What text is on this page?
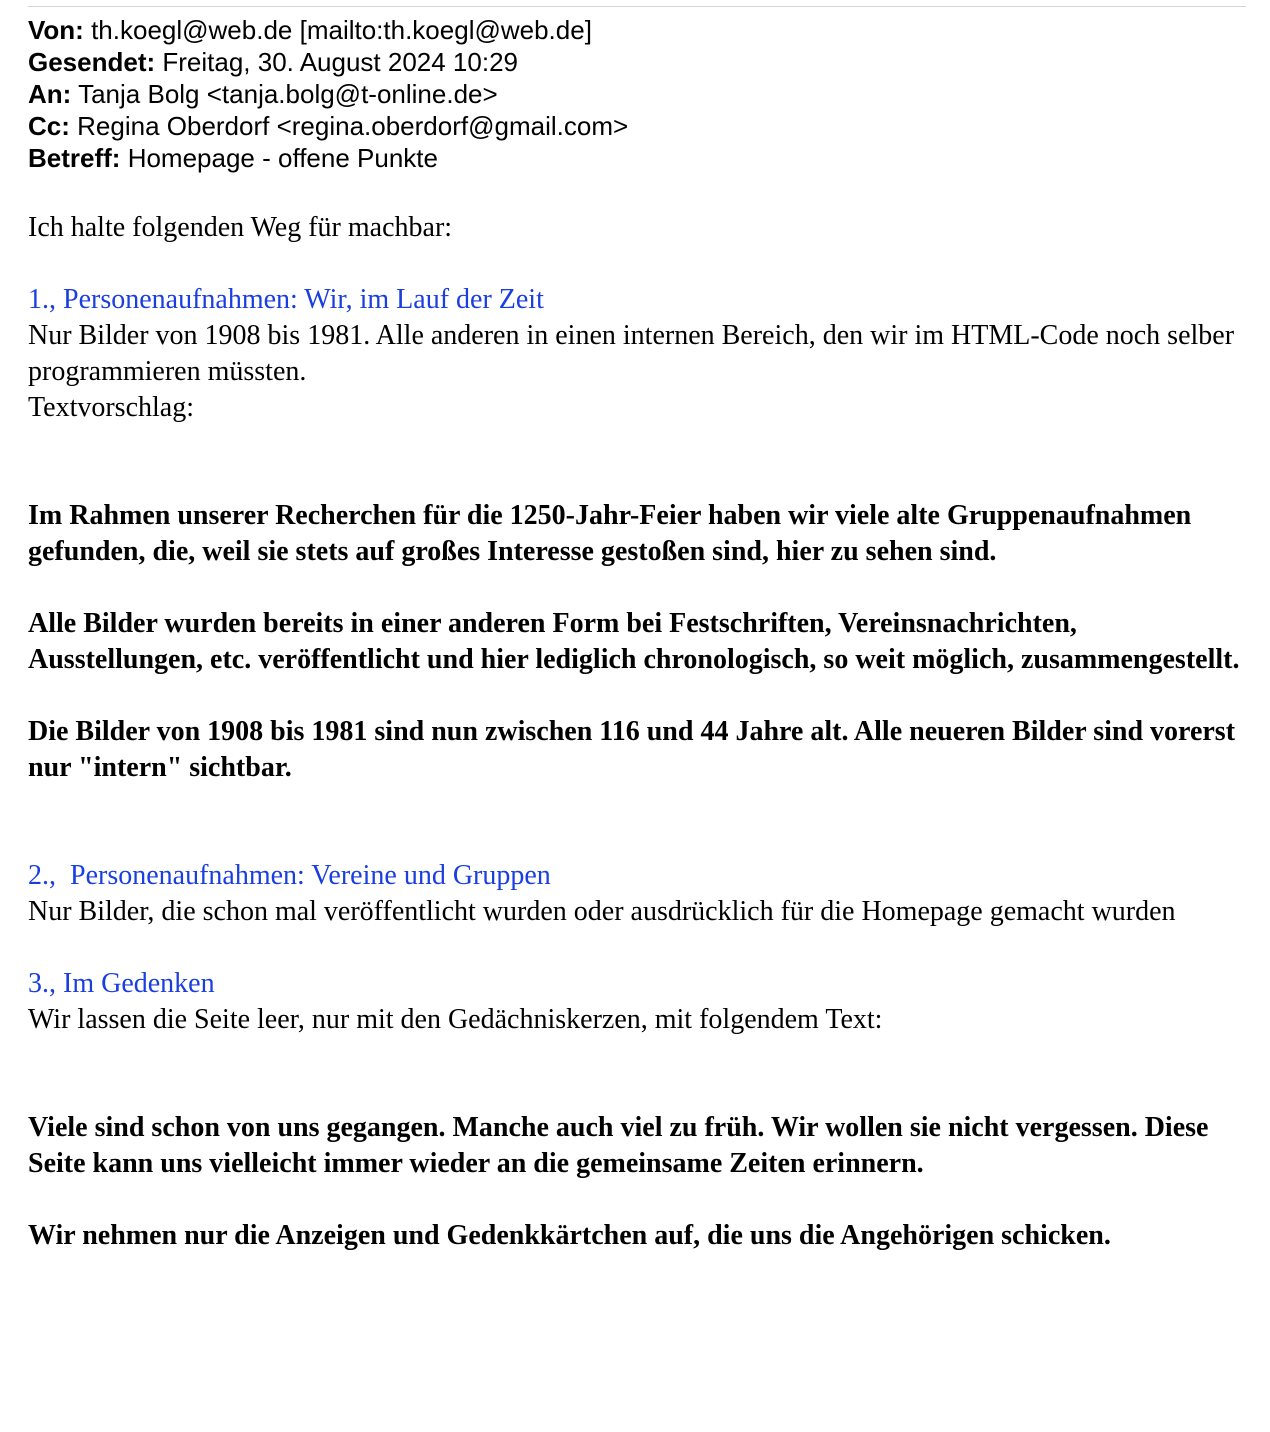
Von: th.koegl@web.de [mailto:th.koegl@web.de]
Gesendet: Freitag, 30. August 2024 10:29
An: Tanja Bolg <tanja.bolg@t-online.de>
Cc: Regina Oberdorf <regina.oberdorf@gmail.com>
Betreff: Homepage - offene Punkte

Ich halte folgenden Weg für machbar:

1., Personenaufnahmen: Wir, im Lauf der Zeit

Nur Bilder von 1908 bis 1981. Alle anderen in einen internen Bereich, den wir im HTML-Code noch selber programmieren müssten.

Textvorschlag:

Im Rahmen unserer Recherchen für die 1250-Jahr-Feier haben wir viele alte Gruppenaufnahmen gefunden, die, weil sie stets auf großes Interesse gestoßen sind, hier zu sehen sind.

Alle Bilder wurden bereits in einer anderen Form bei Festschriften, Vereinsnachrichten, Ausstellungen, etc. veröffentlicht und hier lediglich chronologisch, so weit möglich, zusammengestellt.

Die Bilder von 1908 bis 1981 sind nun zwischen 116 und 44 Jahre alt. Alle neueren Bilder sind vorerst nur "intern" sichtbar.

2.,  Personenaufnahmen: Vereine und Gruppen

Nur Bilder, die schon mal veröffentlicht wurden oder ausdrücklich für die Homepage gemacht wurden

3., Im Gedenken

Wir lassen die Seite leer, nur mit den Gedächniskerzen, mit folgendem Text:

Viele sind schon von uns gegangen. Manche auch viel zu früh. Wir wollen sie nicht vergessen. Diese Seite kann uns vielleicht immer wieder an die gemeinsame Zeiten erinnern.

Wir nehmen nur die Anzeigen und Gedenkkärtchen auf, die uns die Angehörigen schicken.
